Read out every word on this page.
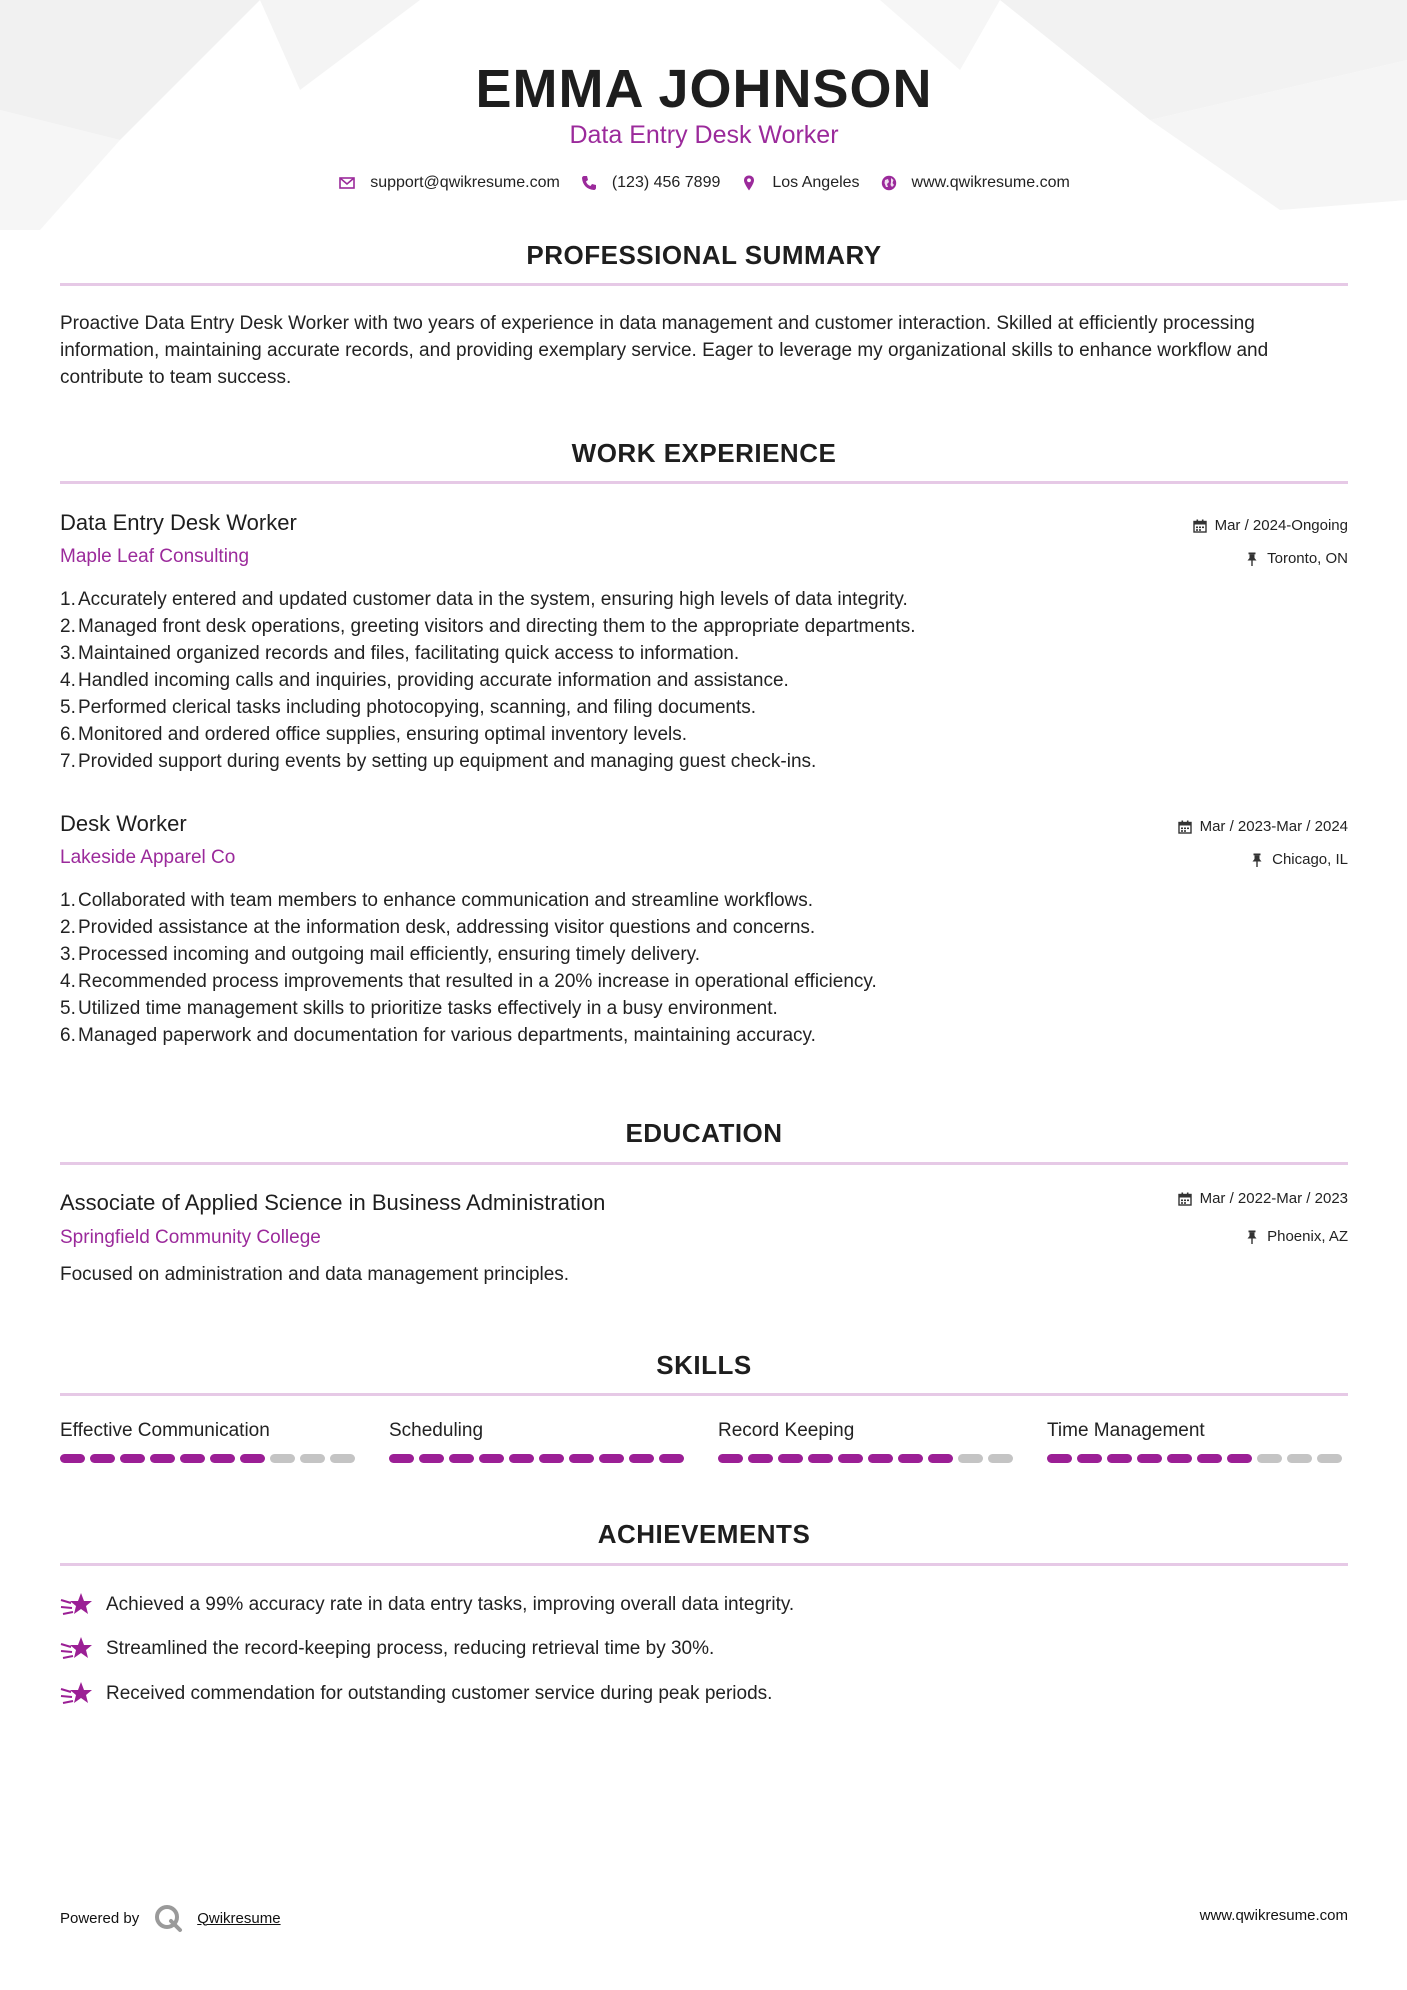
EMMA JOHNSON
Data Entry Desk Worker
support@qwikresume.com	(123) 456 7899	Los Angeles	www.qwikresume.com
PROFESSIONAL SUMMARY
Proactive Data Entry Desk Worker with two years of experience in data management and customer interaction. Skilled at efficiently processing information, maintaining accurate records, and providing exemplary service. Eager to leverage my organizational skills to enhance workflow and contribute to team success.
WORK EXPERIENCE
Data Entry Desk Worker
Maple Leaf Consulting
Mar / 2024-Ongoing
Toronto, ON
1. Accurately entered and updated customer data in the system, ensuring high levels of data integrity.
2. Managed front desk operations, greeting visitors and directing them to the appropriate departments.
3. Maintained organized records and files, facilitating quick access to information.
4. Handled incoming calls and inquiries, providing accurate information and assistance.
5. Performed clerical tasks including photocopying, scanning, and filing documents.
6. Monitored and ordered office supplies, ensuring optimal inventory levels.
7. Provided support during events by setting up equipment and managing guest check-ins.
Desk Worker
Lakeside Apparel Co
Mar / 2023-Mar / 2024
Chicago, IL
1. Collaborated with team members to enhance communication and streamline workflows.
2. Provided assistance at the information desk, addressing visitor questions and concerns.
3. Processed incoming and outgoing mail efficiently, ensuring timely delivery.
4. Recommended process improvements that resulted in a 20% increase in operational efficiency.
5. Utilized time management skills to prioritize tasks effectively in a busy environment.
6. Managed paperwork and documentation for various departments, maintaining accuracy.
EDUCATION
Associate of Applied Science in Business Administration
Springfield Community College
Mar / 2022-Mar / 2023
Phoenix, AZ
Focused on administration and data management principles.
SKILLS
Effective Communication	Scheduling	Record Keeping	Time Management
ACHIEVEMENTS
Achieved a 99% accuracy rate in data entry tasks, improving overall data integrity.
Streamlined the record-keeping process, reducing retrieval time by 30%.
Received commendation for outstanding customer service during peak periods.
Powered by	Qwikresume	www.qwikresume.com
